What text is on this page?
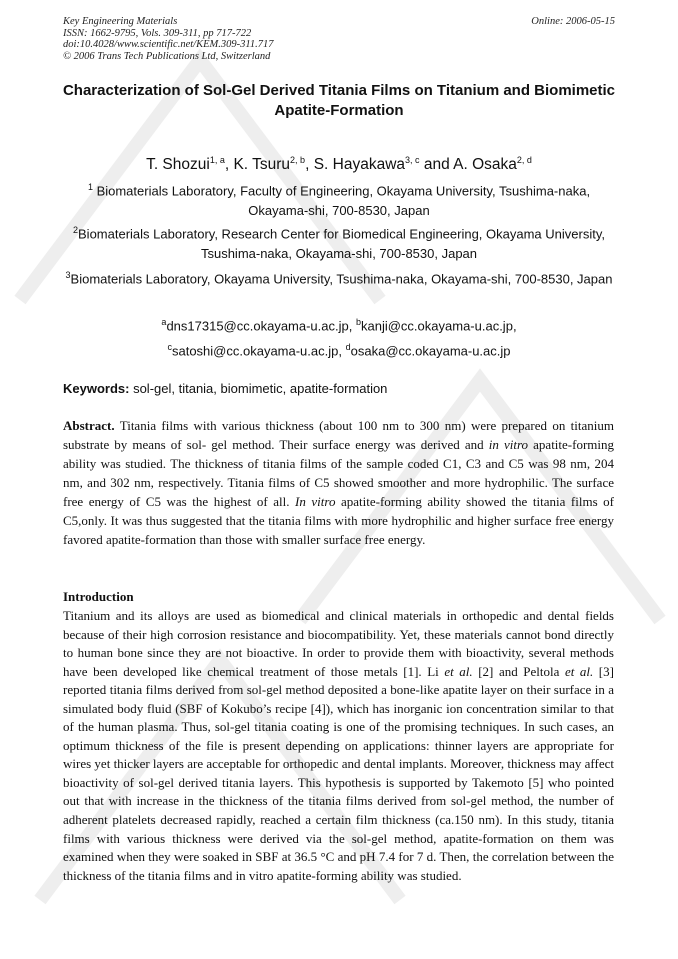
Key Engineering Materials
ISSN: 1662-9795, Vols. 309-311, pp 717-722
doi:10.4028/www.scientific.net/KEM.309-311.717
© 2006 Trans Tech Publications Ltd, Switzerland
Online: 2006-05-15
Characterization of Sol-Gel Derived Titania Films on Titanium and Biomimetic Apatite-Formation
T. Shozui$^{1, a}$, K. Tsuru$^{2, b}$, S. Hayakawa$^{3, c}$ and A. Osaka$^{2, d}$
$^1$ Biomaterials Laboratory, Faculty of Engineering, Okayama University, Tsushima-naka, Okayama-shi, 700-8530, Japan
$^2$Biomaterials Laboratory, Research Center for Biomedical Engineering, Okayama University, Tsushima-naka, Okayama-shi, 700-8530, Japan
$^3$Biomaterials Laboratory, Okayama University, Tsushima-naka, Okayama-shi, 700-8530, Japan
$^a$dns17315@cc.okayama-u.ac.jp, $^b$kanji@cc.okayama-u.ac.jp,
$^c$satoshi@cc.okayama-u.ac.jp, $^d$osaka@cc.okayama-u.ac.jp
Keywords: sol-gel, titania, biomimetic, apatite-formation

Abstract. Titania films with various thickness (about 100 nm to 300 nm) were prepared on titanium substrate by means of sol- gel method. Their surface energy was derived and in vitro apatite-forming ability was studied. The thickness of titania films of the sample coded C1, C3 and C5 was 98 nm, 204 nm, and 302 nm, respectively. Titania films of C5 showed smoother and more hydrophilic. The surface free energy of C5 was the highest of all. In vitro apatite-forming ability showed the titania films of C5,only. It was thus suggested that the titania films with more hydrophilic and higher surface free energy favored apatite-formation than those with smaller surface free energy.

Introduction

Titanium and its alloys are used as biomedical and clinical materials in orthopedic and dental fields because of their high corrosion resistance and biocompatibility. Yet, these materials cannot bond directly to human bone since they are not bioactive. In order to provide them with bioactivity, several methods have been developed like chemical treatment of those metals [1]. Li et al. [2] and Peltola et al. [3] reported titania films derived from sol-gel method deposited a bone-like apatite layer on their surface in a simulated body fluid (SBF of Kokubo’s recipe [4]), which has inorganic ion concentration similar to that of the human plasma. Thus, sol-gel titania coating is one of the promising techniques. In such cases, an optimum thickness of the file is present depending on applications: thinner layers are appropriate for wires yet thicker layers are acceptable for orthopedic and dental implants. Moreover, thickness may affect bioactivity of sol-gel derived titania layers. This hypothesis is supported by Takemoto [5] who pointed out that with increase in the thickness of the titania films derived from sol-gel method, the number of adherent platelets decreased rapidly, reached a certain film thickness (ca.150 nm). In this study, titania films with various thickness were derived via the sol-gel method, apatite-formation on them was examined when they were soaked in SBF at 36.5 °C and pH 7.4 for 7 d. Then, the correlation between the thickness of the titania films and in vitro apatite-forming ability was studied.
